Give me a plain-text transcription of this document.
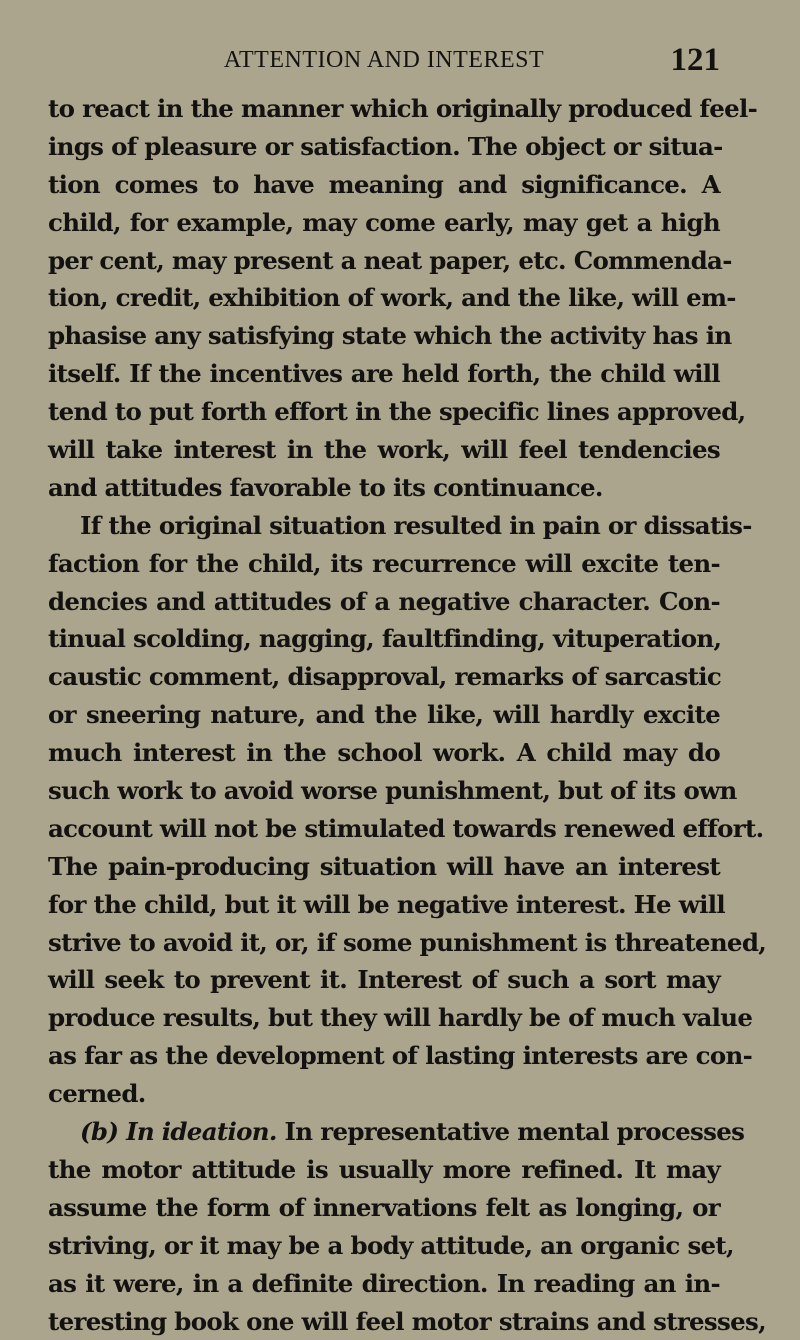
ATTENTION AND INTEREST	121
to react in the manner which originally produced feel-
ings of pleasure or satisfaction. The object or situa-
tion comes to have meaning and significance. A
child, for example, may come early, may get a high
per cent, may present a neat paper, etc. Commenda-
tion, credit, exhibition of work, and the like, will em-
phasise any satisfying state which the activity has in
itself. If the incentives are held forth, the child will
tend to put forth effort in the specific lines approved,
will take interest in the work, will feel tendencies
and attitudes favorable to its continuance.
If the original situation resulted in pain or dissatis-
faction for the child, its recurrence will excite ten-
dencies and attitudes of a negative character. Con-
tinual scolding, nagging, faultfinding, vituperation,
caustic comment, disapproval, remarks of sarcastic
or sneering nature, and the like, will hardly excite
much interest in the school work. A child may do
such work to avoid worse punishment, but of its own
account will not be stimulated towards renewed effort.
The pain-producing situation will have an interest
for the child, but it will be negative interest. He will
strive to avoid it, or, if some punishment is threatened,
will seek to prevent it. Interest of such a sort may
produce results, but they will hardly be of much value
as far as the development of lasting interests are con-
cerned.
(b) In ideation. In representative mental processes
the motor attitude is usually more refined. It may
assume the form of innervations felt as longing, or
striving, or it may be a body attitude, an organic set,
as it were, in a definite direction. In reading an in-
teresting book one will feel motor strains and stresses,
